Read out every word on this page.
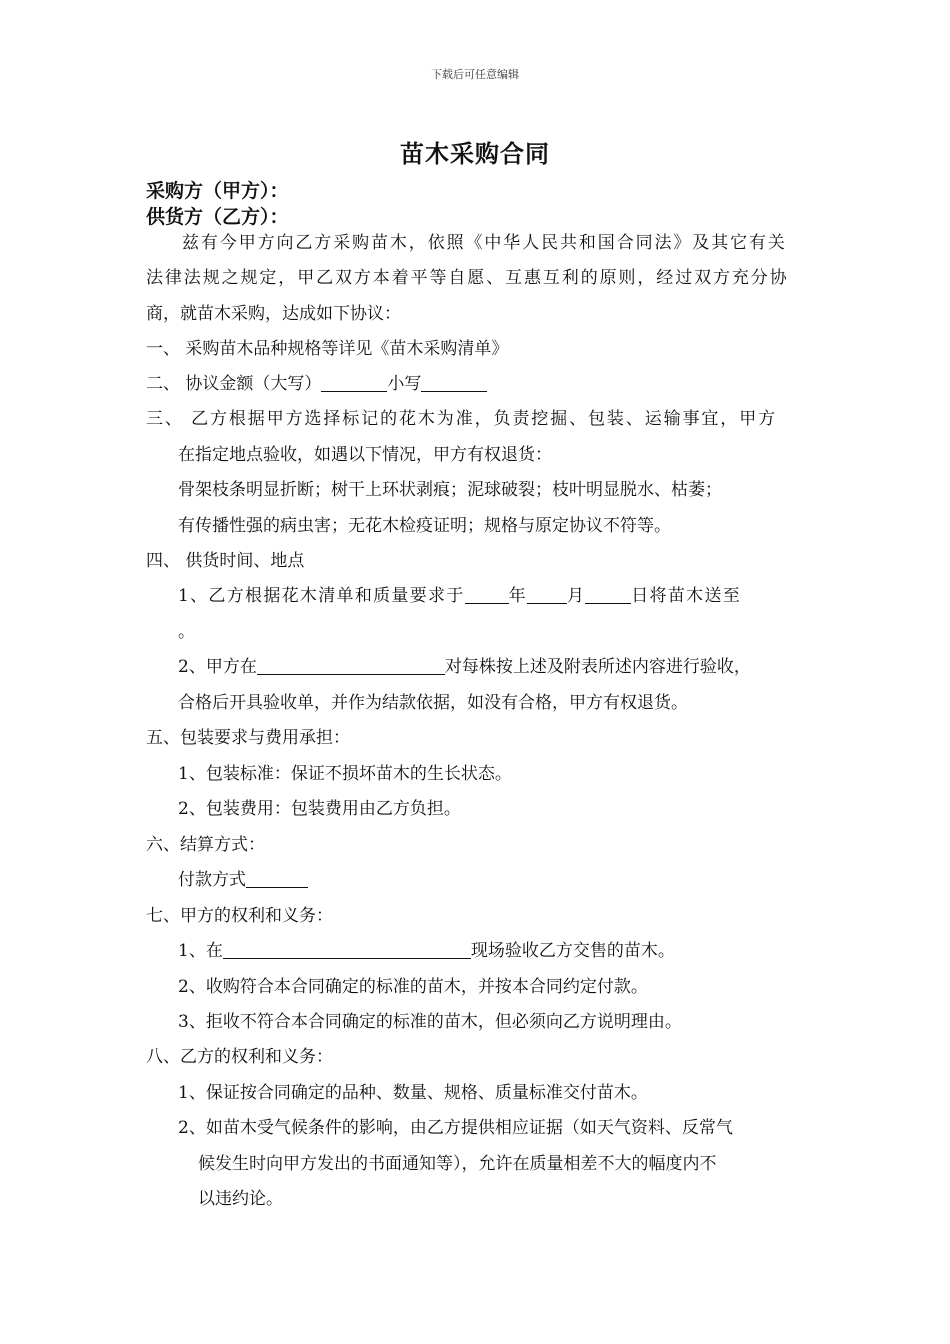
下载后可任意编辑
苗木采购合同
采购方（甲方）：
供货方（乙方）：
兹有今甲方向乙方采购苗木，依照《中华人民共和国合同法》及其它有关
法律法规之规定，甲乙双方本着平等自愿、互惠互利的原则，经过双方充分协
商，就苗木采购，达成如下协议：
一、 采购苗木品种规格等详见《苗木采购清单》
二、 协议金额（大写）	小写
三、 乙方根据甲方选择标记的花木为准，负责挖掘、包装、运输事宜，甲方
在指定地点验收，如遇以下情况，甲方有权退货：
骨架枝条明显折断；树干上环状剥痕；泥球破裂；枝叶明显脱水、枯萎；
有传播性强的病虫害；无花木检疫证明；规格与原定协议不符等。
四、 供货时间、地点
1、乙方根据花木清单和质量要求于	年 月	日将苗木送至
。
2、甲方在	对每株按上述及附表所述内容进行验收，
合格后开具验收单，并作为结款依据，如没有合格，甲方有权退货。
五、包装要求与费用承担：
1、包装标准：保证不损坏苗木的生长状态。
2、包装费用：包装费用由乙方负担。
六、结算方式：
付款方式
七、甲方的权利和义务：
1、在	现场验收乙方交售的苗木。
2、收购符合本合同确定的标准的苗木，并按本合同约定付款。
3、拒收不符合本合同确定的标准的苗木，但必须向乙方说明理由。
八、乙方的权利和义务：
1、保证按合同确定的品种、数量、规格、质量标准交付苗木。
2、如苗木受气候条件的影响，由乙方提供相应证据（如天气资料、反常气
候发生时向甲方发出的书面通知等），允许在质量相差不大的幅度内不
以违约论。
